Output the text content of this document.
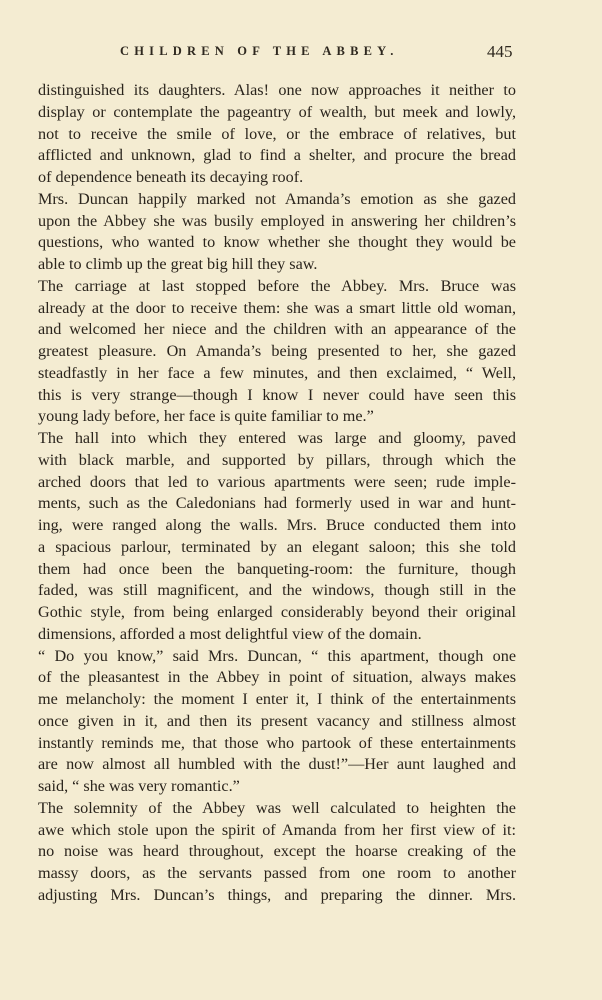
CHILDREN OF THE ABBEY.	445
distinguished its daughters. Alas! one now approaches it neither to
display or contemplate the pageantry of wealth, but meek and lowly,
not to receive the smile of love, or the embrace of relatives, but
afflicted and unknown, glad to find a shelter, and procure the bread
of dependence beneath its decaying roof.
Mrs. Duncan happily marked not Amanda’s emotion as she gazed
upon the Abbey she was busily employed in answering her children’s
questions, who wanted to know whether she thought they would be
able to climb up the great big hill they saw.
The carriage at last stopped before the Abbey. Mrs. Bruce was
already at the door to receive them: she was a smart little old woman,
and welcomed her niece and the children with an appearance of the
greatest pleasure. On Amanda’s being presented to her, she gazed
steadfastly in her face a few minutes, and then exclaimed, “ Well,
this is very strange—though I know I never could have seen this
young lady before, her face is quite familiar to me.”
The hall into which they entered was large and gloomy, paved
with black marble, and supported by pillars, through which the
arched doors that led to various apartments were seen; rude imple-
ments, such as the Caledonians had formerly used in war and hunt-
ing, were ranged along the walls. Mrs. Bruce conducted them into
a spacious parlour, terminated by an elegant saloon; this she told
them had once been the banqueting-room: the furniture, though
faded, was still magnificent, and the windows, though still in the
Gothic style, from being enlarged considerably beyond their original
dimensions, afforded a most delightful view of the domain.
“ Do you know,” said Mrs. Duncan, “ this apartment, though one
of the pleasantest in the Abbey in point of situation, always makes
me melancholy: the moment I enter it, I think of the entertainments
once given in it, and then its present vacancy and stillness almost
instantly reminds me, that those who partook of these entertainments
are now almost all humbled with the dust!”—Her aunt laughed and
said, “ she was very romantic.”
The solemnity of the Abbey was well calculated to heighten the
awe which stole upon the spirit of Amanda from her first view of it:
no noise was heard throughout, except the hoarse creaking of the
massy doors, as the servants passed from one room to another
adjusting Mrs. Duncan’s things, and preparing the dinner. Mrs.
